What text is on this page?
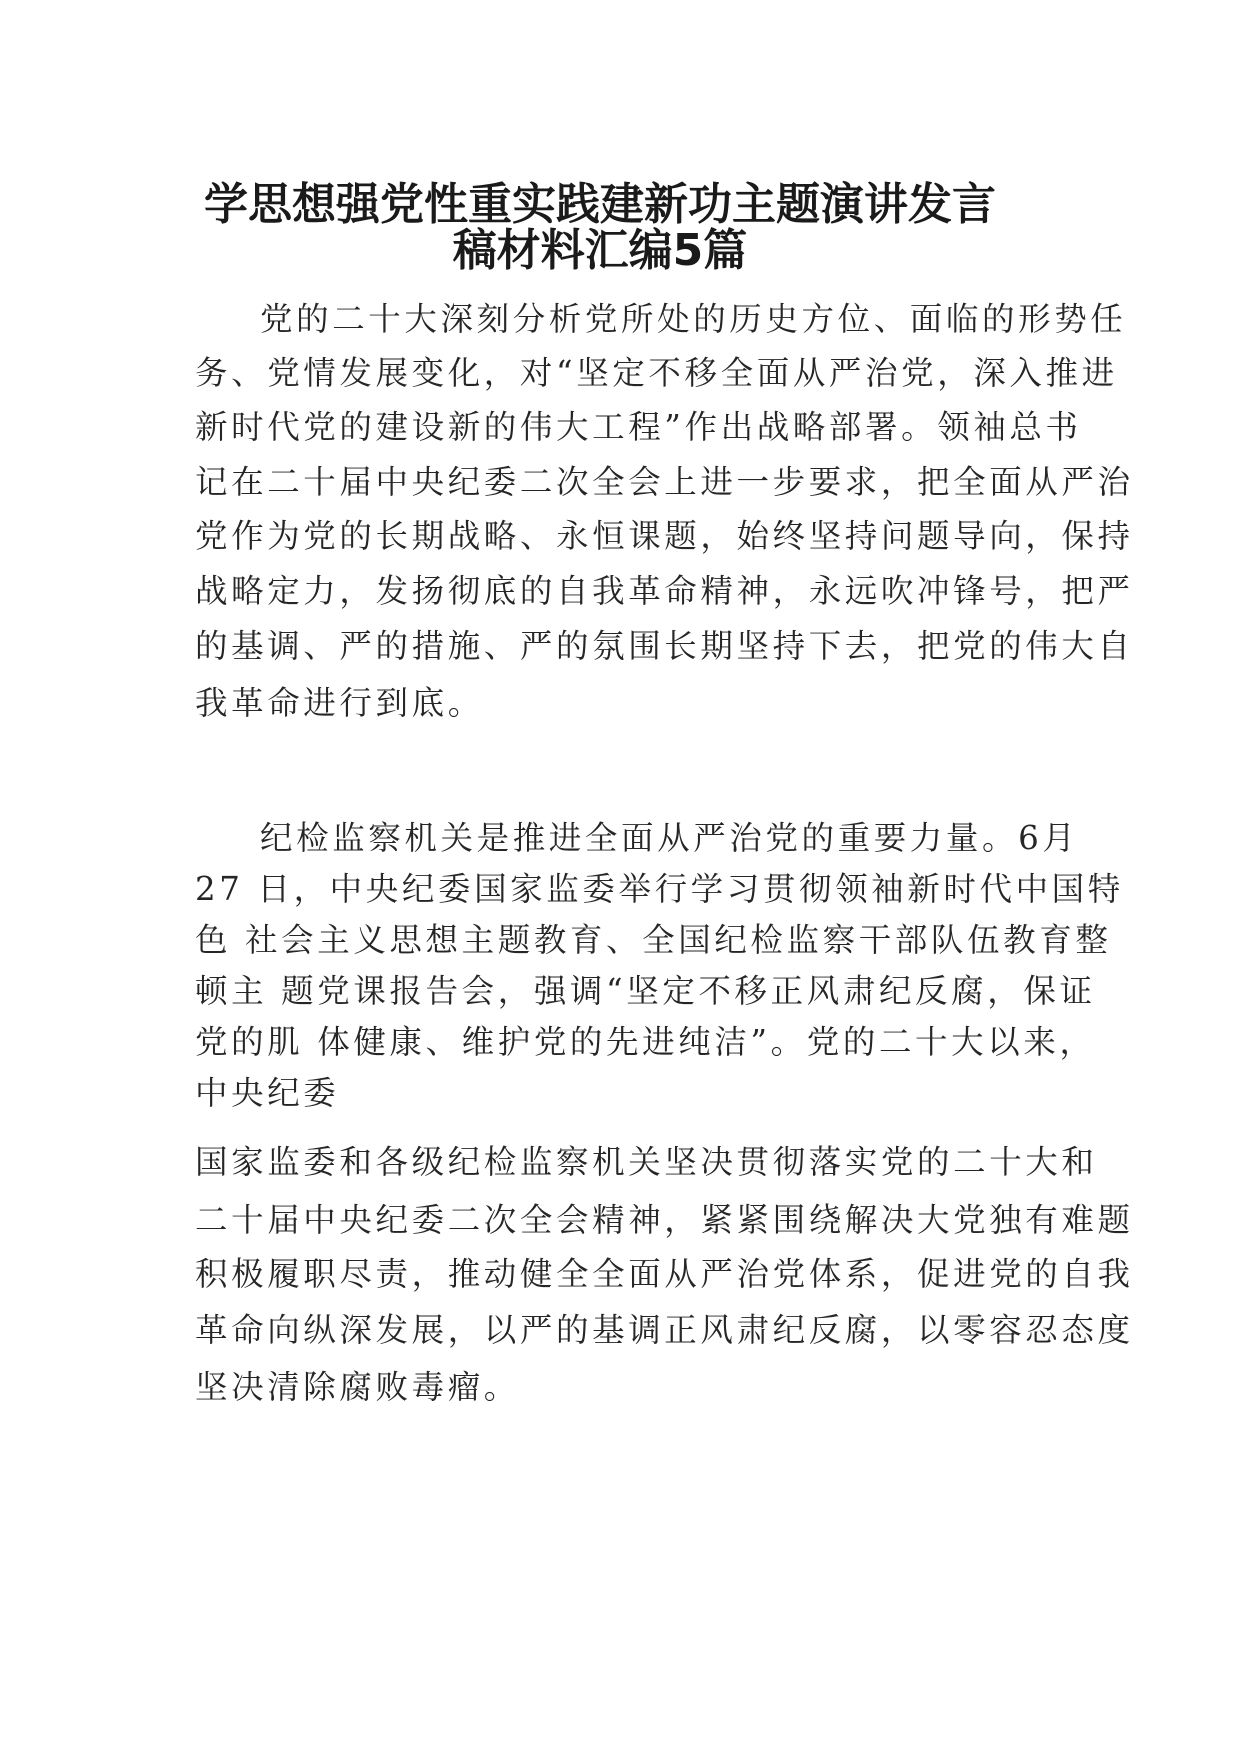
学思想强党性重实践建新功主题演讲发言
稿材料汇编5篇

党的二十大深刻分析党所处的历史方位、面临的形势任

务、党情发展变化，对“坚定不移全面从严治党，深入推进

新时代党的建设新的伟大工程”作出战略部署。领袖总书

记在二十届中央纪委二次全会上进一步要求，把全面从严治

党作为党的长期战略、永恒课题，始终坚持问题导向，保持

战略定力，发扬彻底的自我革命精神，永远吹冲锋号，把严

的基调、严的措施、严的氛围长期坚持下去，把党的伟大自

我革命进行到底。

纪检监察机关是推进全面从严治党的重要力量。6月

27 日，中央纪委国家监委举行学习贯彻领袖新时代中国特

色 社会主义思想主题教育、全国纪检监察干部队伍教育整

顿主 题党课报告会，强调“坚定不移正风肃纪反腐，保证

党的肌 体健康、维护党的先进纯洁”。党的二十大以来，

中央纪委

国家监委和各级纪检监察机关坚决贯彻落实党的二十大和

二十届中央纪委二次全会精神，紧紧围绕解决大党独有难题

积极履职尽责，推动健全全面从严治党体系，促进党的自我

革命向纵深发展，以严的基调正风肃纪反腐，以零容忍态度

坚决清除腐败毒瘤。
